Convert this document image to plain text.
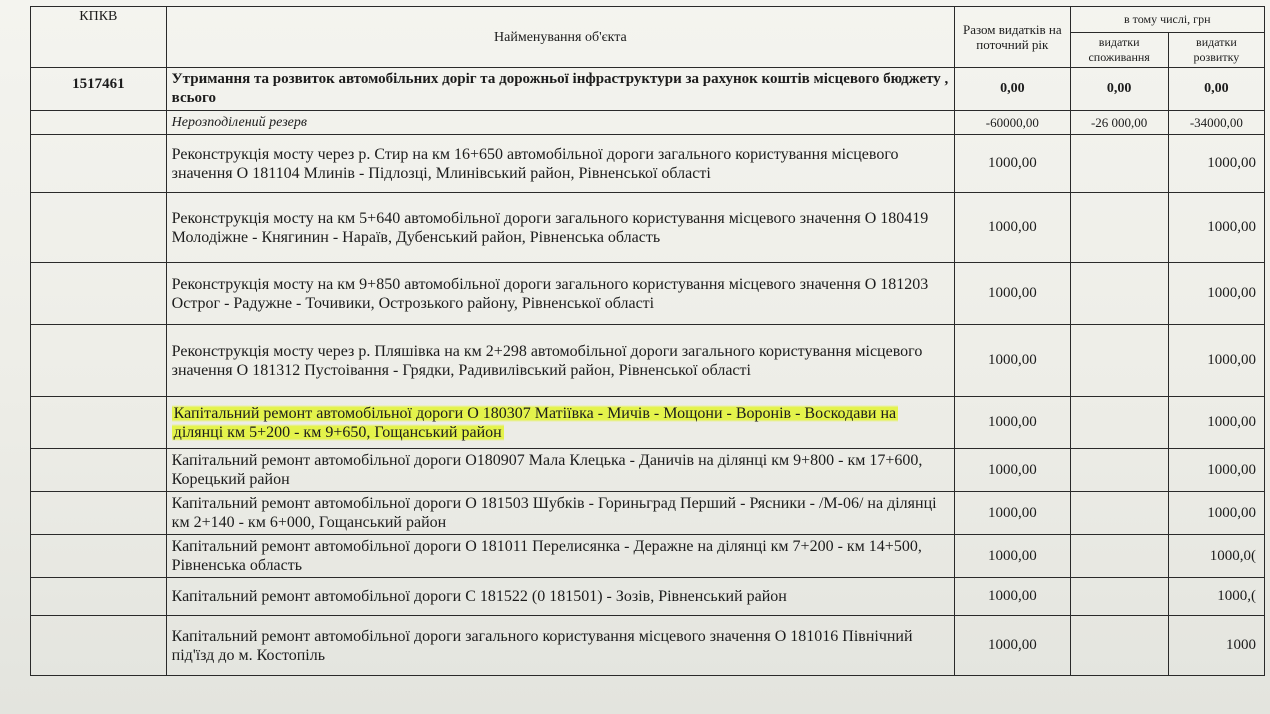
КПКВ	Найменування об'єкта	Разом видатків на поточний рік	в тому числі, грн	
			видатки споживання	видатки розвитку

1517461	Утримання та розвиток автомобільних доріг та дорожньої інфраструктури за рахунок коштів місцевого бюджету , всього	0,00	0,00	0,00
	Нерозподілений резерв	-60000,00	-26 000,00	-34000,00
	Реконструкція мосту через р. Стир на км 16+650 автомобільної дороги загального користування місцевого значення О 181104 Млинів - Підлозці, Млинівський район, Рівненської області	1000,00		1000,00
	Реконструкція мосту на км 5+640 автомобільної дороги загального користування місцевого значення О 180419 Молодіжне - Княгинин - Нараїв, Дубенський район, Рівненська область	1000,00		1000,00
	Реконструкція мосту на км 9+850 автомобільної дороги загального користування місцевого значення О 181203 Острог - Радужне - Точивики, Острозького району, Рівненської області	1000,00		1000,00
	Реконструкція мосту через р. Пляшівка на км 2+298 автомобільної дороги загального користування місцевого значення О 181312 Пустоівання - Грядки, Радивилівський район, Рівненської області	1000,00		1000,00
	Капітальний ремонт автомобільної дороги О 180307 Матіївка - Мичів - Мощони - Воронів - Воскодави на ділянці км 5+200 - км 9+650, Гощанський район	1000,00		1000,00
	Капітальний ремонт автомобільної дороги О180907 Мала Клецька - Даничів на ділянці км 9+800 - км 17+600, Корецький район	1000,00		1000,00
	Капітальний ремонт автомобільної дороги О 181503 Шубків - Гориньград Перший - Рясники - /М-06/ на ділянці км 2+140 - км 6+000, Гощанський район	1000,00		1000,00
	Капітальний ремонт автомобільної дороги О 181011 Перелисянка - Деражне на ділянці км 7+200 - км 14+500, Рівненська область	1000,00		1000,0(
	Капітальний ремонт автомобільної дороги С 181522 (0 181501) - Зозів, Рівненський район	1000,00		1000,(
	Капітальний ремонт автомобільної дороги загального користування місцевого значення О 181016 Північний під'їзд до м. Костопіль	1000,00		1000
